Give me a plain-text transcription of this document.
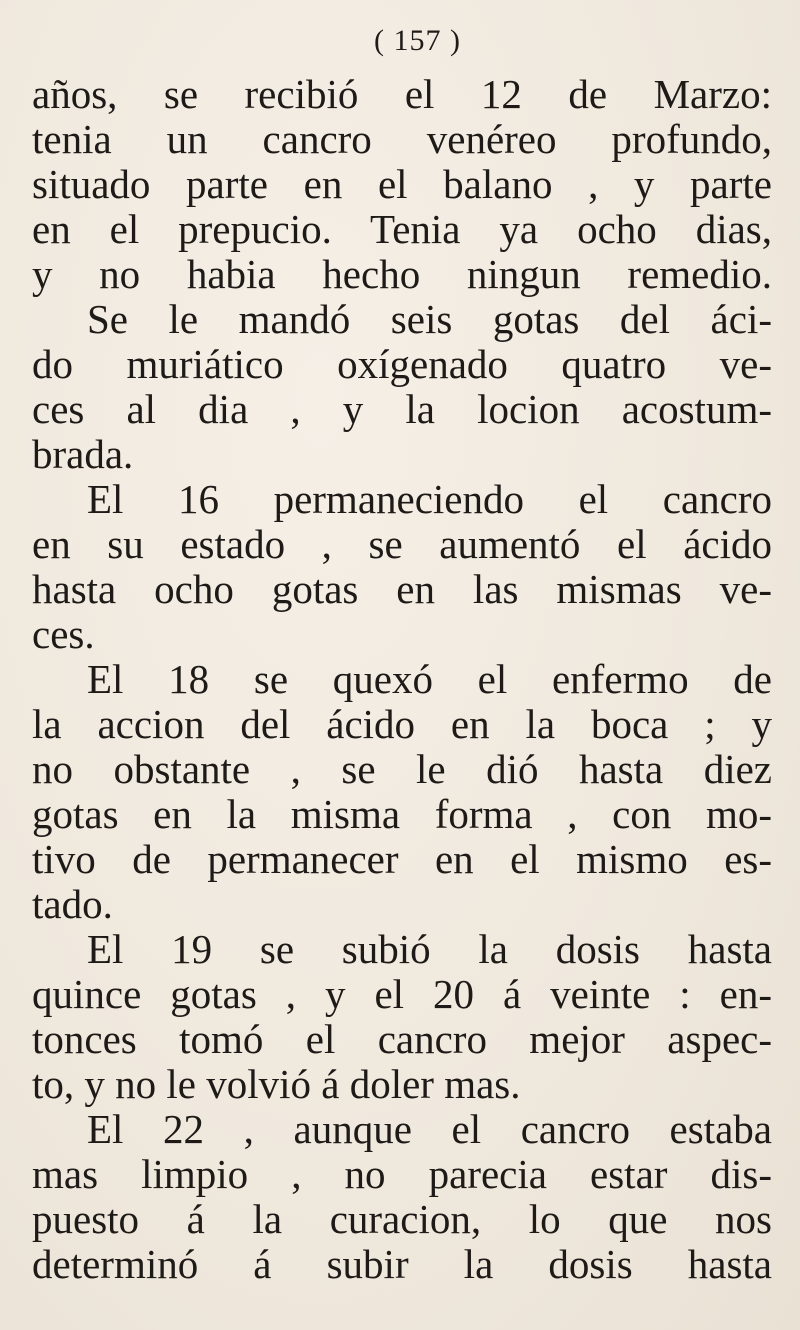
( 157 )
años, se recibió el 12 de Marzo:
tenia un cancro venéreo profundo,
situado parte en el balano , y parte
en el prepucio. Tenia ya ocho dias,
y no habia hecho ningun remedio.
Se le mandó seis gotas del áci-
do muriático oxígenado quatro ve-
ces al dia , y la locion acostum-
brada.
El 16 permaneciendo el cancro
en su estado , se aumentó el ácido
hasta ocho gotas en las mismas ve-
ces.
El 18 se quexó el enfermo de
la accion del ácido en la boca ; y
no obstante , se le dió hasta diez
gotas en la misma forma , con mo-
tivo de permanecer en el mismo es-
tado.
El 19 se subió la dosis hasta
quince gotas , y el 20 á veinte : en-
tonces tomó el cancro mejor aspec-
to, y no le volvió á doler mas.
El 22 , aunque el cancro estaba
mas limpio , no parecia estar dis-
puesto á la curacion, lo que nos
determinó á subir la dosis hasta
